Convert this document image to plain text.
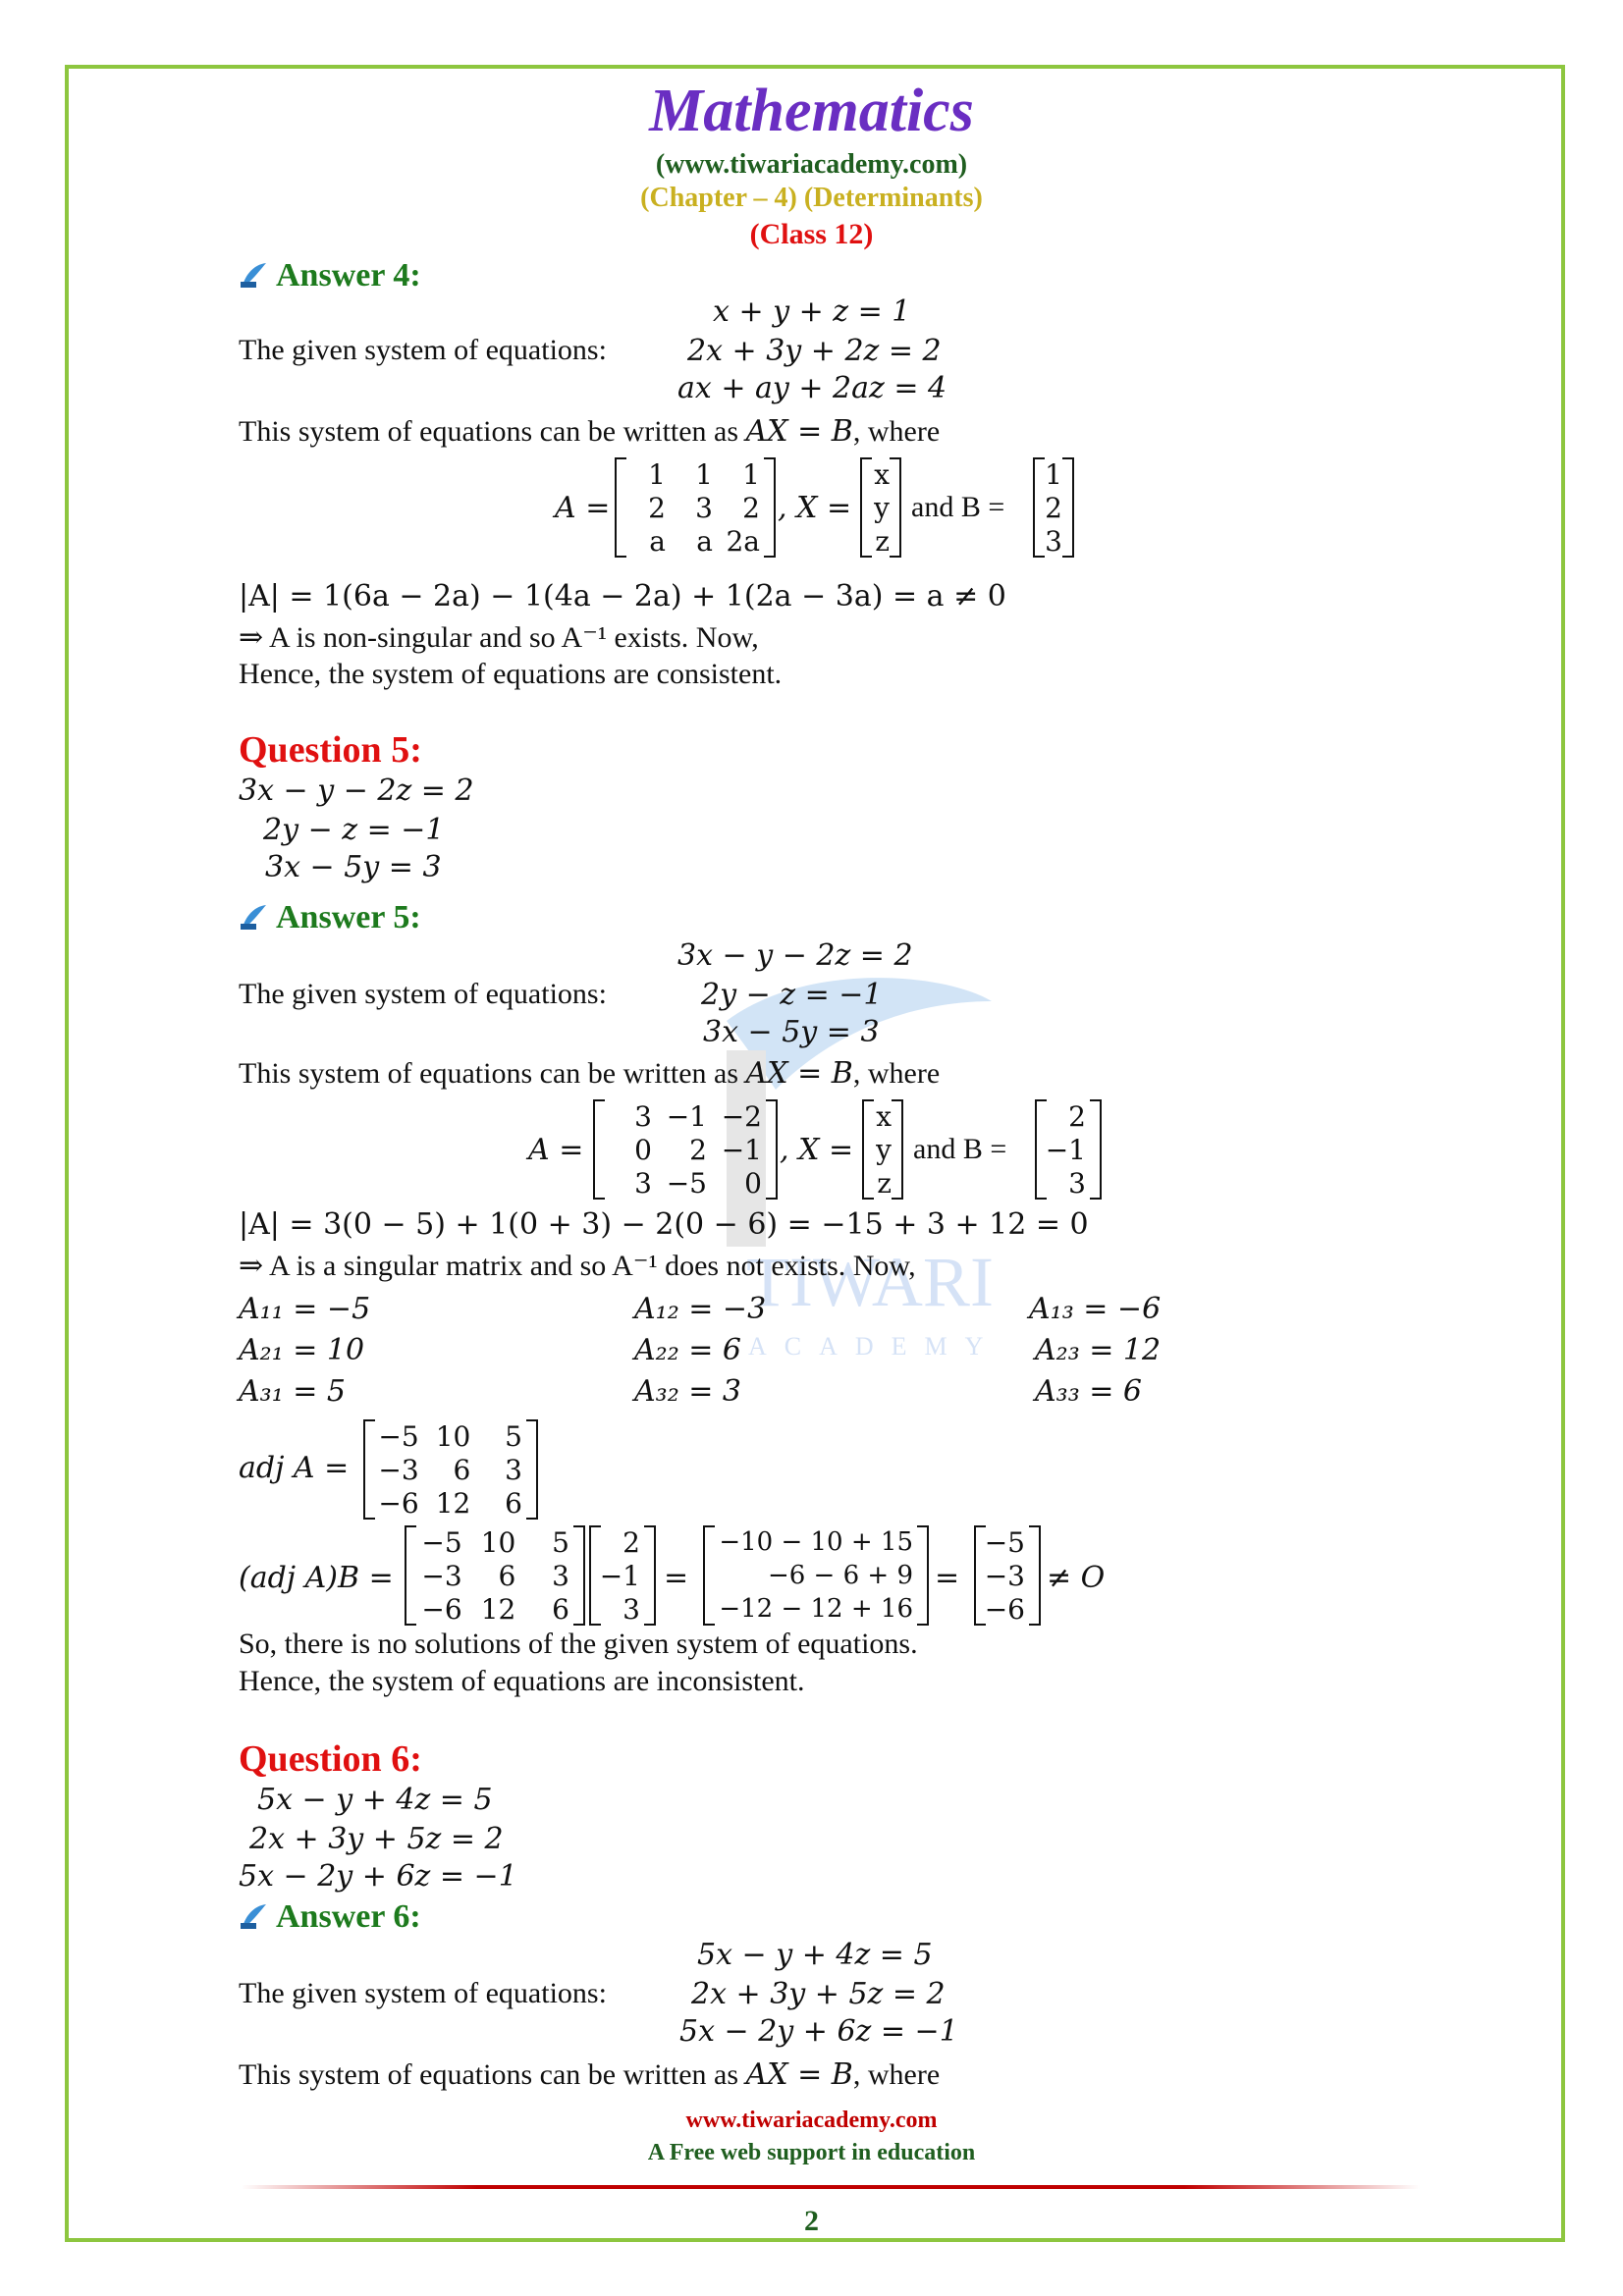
TIWARI
ACADEMY
Mathematics
(www.tiwariacademy.com)
(Chapter – 4) (Determinants)
(Class 12)
Answer 4:
x + y + z = 1
The given system of equations:	2x + 3y + 2z = 2
ax + ay + 2az = 4
This system of equations can be written as AX = B, where
A =
1	1	1
2	3	2
a	a 2a
, X =
x
y
z
and B =
1
2
3
|A| = 1(6a − 2a) − 1(4a − 2a) + 1(2a − 3a) = a ≠ 0
⇒ A is non-singular and so A⁻¹ exists. Now,
Hence, the system of equations are consistent.
Question 5:
3x − y − 2z = 2
2y − z = −1
3x − 5y = 3
Answer 5:
3x − y − 2z = 2
The given system of equations:	2y − z = −1
3x − 5y = 3
This system of equations can be written as AX = B, where
A =
3 −1 −2
0	2 −1
3 −5	0
, X =
x
y
z
and B =
2
−1
3
|A| = 3(0 − 5) + 1(0 + 3) − 2(0 − 6) = −15 + 3 + 12 = 0
⇒ A is a singular matrix and so A⁻¹ does not exists. Now,
A₁₁ = −5	A₁₂ = −3	A₁₃ = −6
A₂₁ = 10	A₂₂ = 6	A₂₃ = 12
A₃₁ = 5	A₃₂ = 3	A₃₃ = 6
adj A =
−5 10	5
−3	6	3
−6 12	6
(adj A)B =
−5 10	5
−3	6	3
−6 12	6
2
−1
3
=
−10 − 10 + 15
−6 − 6 + 9
−12 − 12 + 16
=
−5
−3
−6
≠ O
So, there is no solutions of the given system of equations.
Hence, the system of equations are inconsistent.
Question 6:
5x − y + 4z = 5
2x + 3y + 5z = 2
5x − 2y + 6z = −1
Answer 6:
5x − y + 4z = 5
The given system of equations:	2x + 3y + 5z = 2
5x − 2y + 6z = −1
This system of equations can be written as AX = B, where
www.tiwariacademy.com
A Free web support in education
2
